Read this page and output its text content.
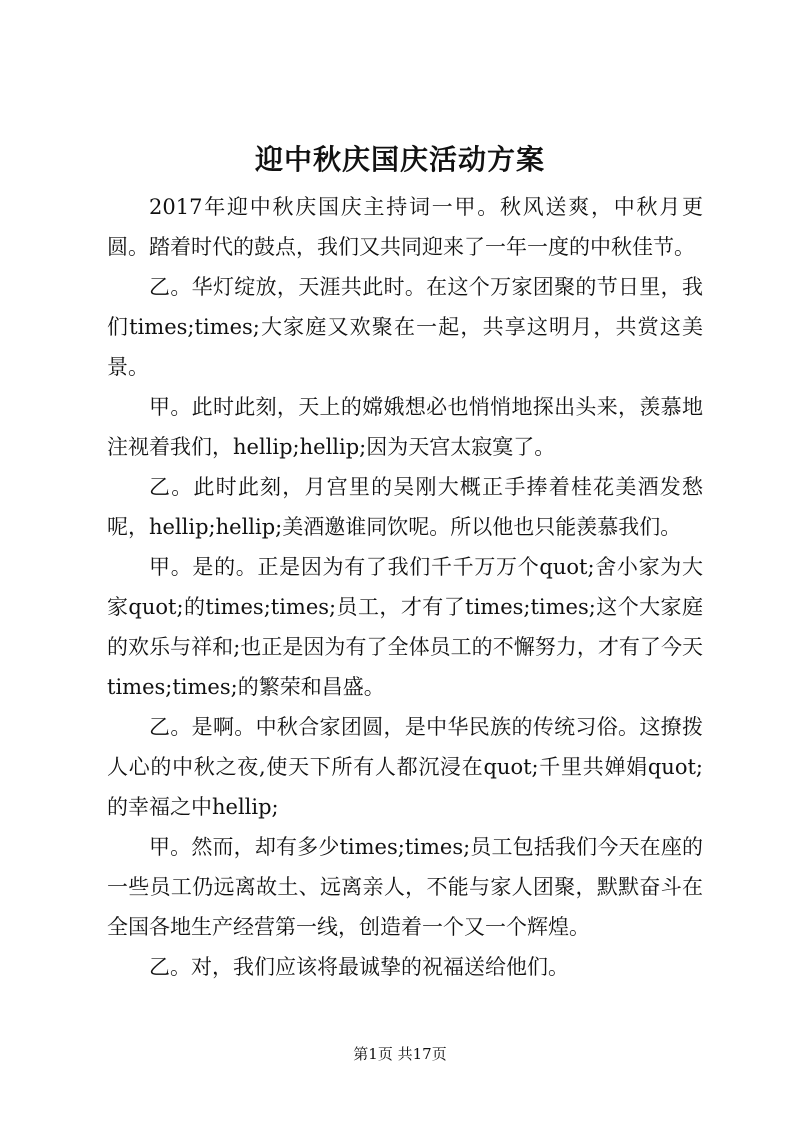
迎中秋庆国庆活动方案

2017年迎中秋庆国庆主持词一甲。秋风送爽，中秋月更圆。踏着时代的鼓点，我们又共同迎来了一年一度的中秋佳节。

乙。华灯绽放，天涯共此时。在这个万家团聚的节日里，我们times;times;大家庭又欢聚在一起，共享这明月，共赏这美景。

甲。此时此刻，天上的嫦娥想必也悄悄地探出头来，羡慕地注视着我们，hellip;hellip;因为天宫太寂寞了。

乙。此时此刻，月宫里的吴刚大概正手捧着桂花美酒发愁呢，hellip;hellip;美酒邀谁同饮呢。所以他也只能羡慕我们。

甲。是的。正是因为有了我们千千万万个quot;舍小家为大家quot;的times;times;员工，才有了times;times;这个大家庭的欢乐与祥和;也正是因为有了全体员工的不懈努力，才有了今天times;times;的繁荣和昌盛。

乙。是啊。中秋合家团圆，是中华民族的传统习俗。这撩拨人心的中秋之夜,使天下所有人都沉浸在quot;千里共婵娟quot;的幸福之中hellip;

甲。然而，却有多少times;times;员工包括我们今天在座的一些员工仍远离故土、远离亲人，不能与家人团聚，默默奋斗在全国各地生产经营第一线，创造着一个又一个辉煌。

乙。对，我们应该将最诚挚的祝福送给他们。

第1页 共17页
